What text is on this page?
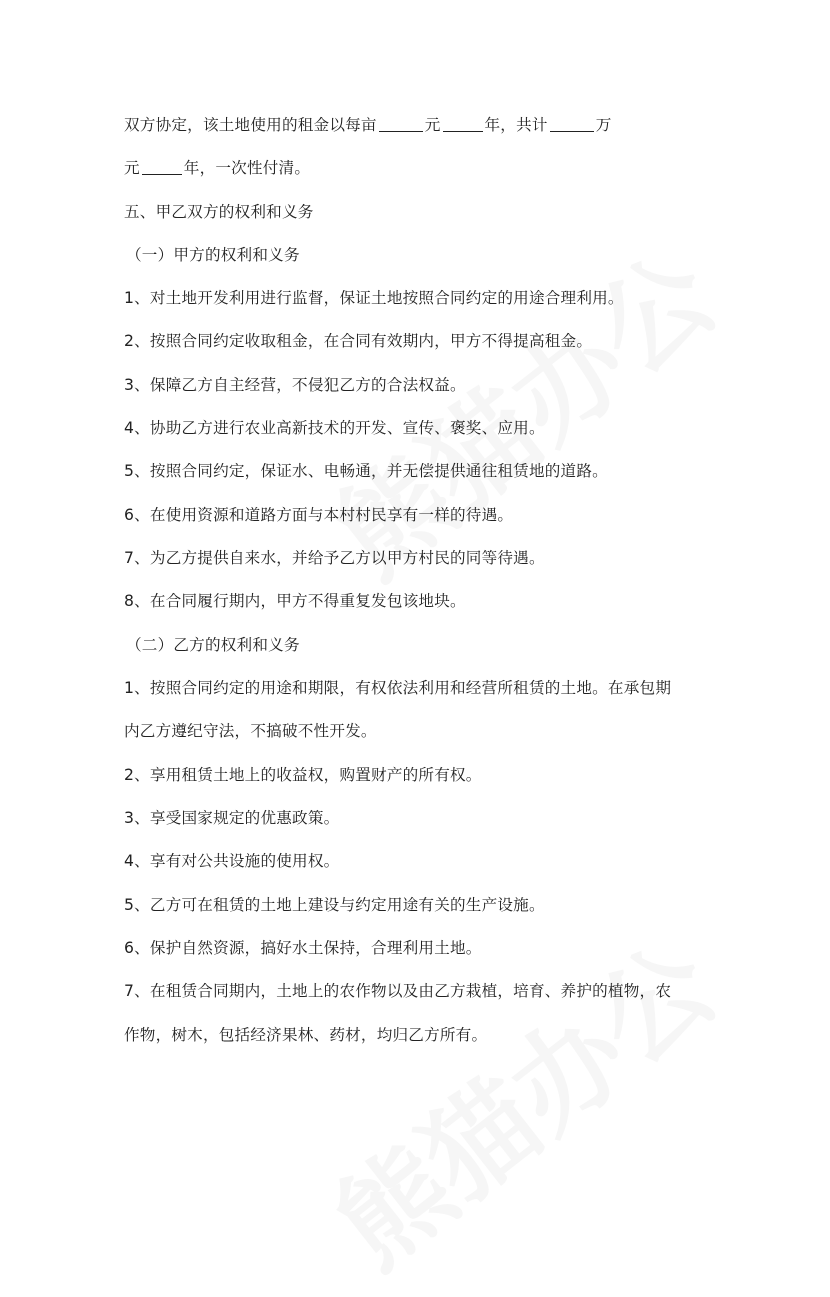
双方协定，该土地使用的租金以每亩	元	年，共计	万
元	年，一次性付清。
五、甲乙双方的权利和义务
（一）甲方的权利和义务
1、对土地开发利用进行监督，保证土地按照合同约定的用途合理利用。
2、按照合同约定收取租金，在合同有效期内，甲方不得提高租金。
3、保障乙方自主经营，不侵犯乙方的合法权益。
4、协助乙方进行农业高新技术的开发、宣传、褒奖、应用。
5、按照合同约定，保证水、电畅通，并无偿提供通往租赁地的道路。
6、在使用资源和道路方面与本村村民享有一样的待遇。
7、为乙方提供自来水，并给予乙方以甲方村民的同等待遇。
8、在合同履行期内，甲方不得重复发包该地块。
（二）乙方的权利和义务
1、按照合同约定的用途和期限，有权依法利用和经营所租赁的土地。在承包期
内乙方遵纪守法，不搞破不性开发。
2、享用租赁土地上的收益权，购置财产的所有权。
3、享受国家规定的优惠政策。
4、享有对公共设施的使用权。
5、乙方可在租赁的土地上建设与约定用途有关的生产设施。
6、保护自然资源，搞好水土保持，合理利用土地。
7、在租赁合同期内，土地上的农作物以及由乙方栽植，培育、养护的植物，农
作物，树木，包括经济果林、药材，均归乙方所有。
